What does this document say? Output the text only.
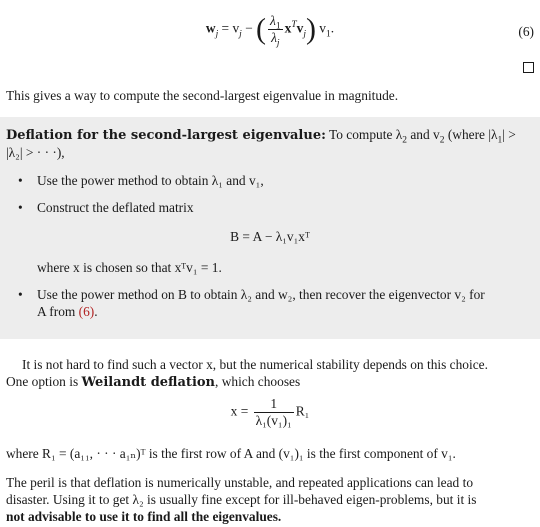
$w_j = v_j$ − ( $\frac{\lambda_1}{\lambda_j} x^Tv_j$) $v_1$.	(6)
This gives a way to compute the second-largest eigenvalue in magnitude.
Deflation for the second-largest eigenvalue: To compute $\lambda_2$ and $v_2$ (where $|\lambda_1|$ >
|λ₂| > · · ·),
• Use the power method to obtain λ₁ and v₁,
• Construct the deflated matrix
B = A − λ₁v₁xᵀ
where x is chosen so that xᵀv₁ = 1.
• Use the power method on B to obtain λ₂ and w₂, then recover the eigenvector v₂ for
A from (6).
It is not hard to find such a vector x, but the numerical stability depends on this choice.
One option is Weilandt deflation, which chooses
$x = \frac{1}{\text{λ₁(v₁)₁}} R_1$
where R₁ = (a₁₁, · · · a₁ₙ)ᵀ is the first row of A and (v₁)₁ is the first component of v₁.
The peril is that deflation is numerically unstable, and repeated applications can lead to
disaster. Using it to get λ₂ is usually fine except for ill-behaved eigen-problems, but it is
not advisable to use it to find all the eigenvalues.
